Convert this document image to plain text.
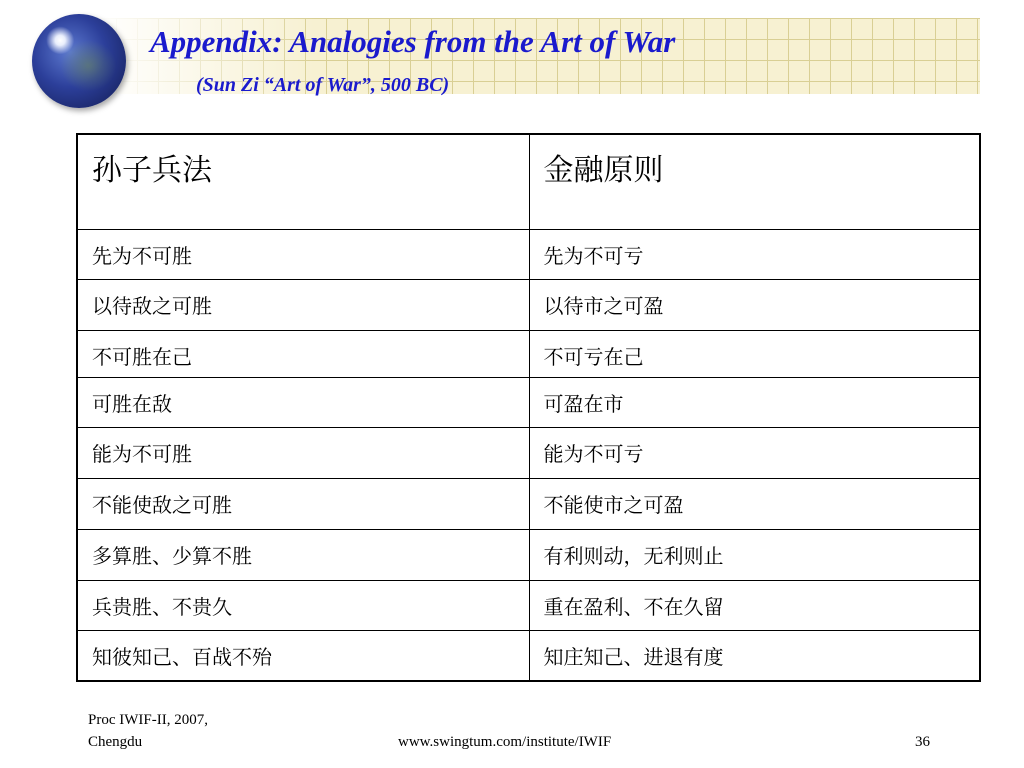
Appendix: Analogies from the Art of War
(Sun Zi “Art of War”, 500 BC)
孙子兵法	金融原则
先为不可胜	先为不可亏
以待敌之可胜	以待市之可盈
不可胜在己	不可亏在己
可胜在敌	可盈在市
能为不可胜	能为不可亏
不能使敌之可胜	不能使市之可盈
多算胜、少算不胜	有利则动，无利则止
兵贵胜、不贵久	重在盈利、不在久留
知彼知己、百战不殆	知庄知己、进退有度
Proc IWIF-II, 2007,
Chengdu	www.swingtum.com/institute/IWIF	36
